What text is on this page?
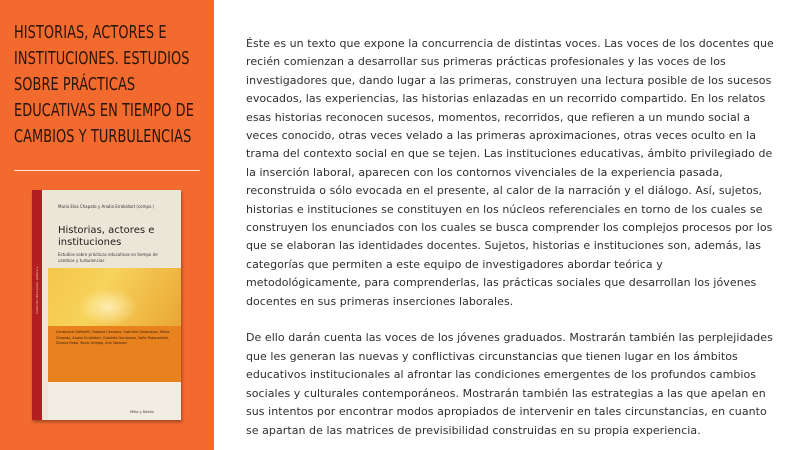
HISTORIAS, ACTORES E INSTITUCIONES. ESTUDIOS SOBRE PRÁCTICAS EDUCATIVAS EN TIEMPO DE CAMBIOS Y TURBULENCIAS
Colección: Educación, política y
María Elsa Chapato y Analía Errobidart (comps.)
Historias, actores e instituciones
Estudios sobre prácticas educativas en tiempo de cambios y turbulencias
Constanza Caffarelli, Fabiana Carrasco, Gabriela Casamayor, María Chapato, Analía Errobidart, Gabriela Gordonelo, Sofía Pasquariello, Silvana Rossi, Rocío Urtiaga, Ana Vázquez
Miño y Dávila

Éste es un texto que expone la concurrencia de distintas voces. Las voces de los docentes que recién comienzan a desarrollar sus primeras prácticas profesionales y las voces de los investigadores que, dando lugar a las primeras, construyen una lectura posible de los sucesos evocados, las experiencias, las historias enlazadas en un recorrido compartido. En los relatos esas historias reconocen sucesos, momentos, recorridos, que refieren a un mundo social a veces conocido, otras veces velado a las primeras aproximaciones, otras veces oculto en la trama del contexto social en que se tejen. Las instituciones educativas, ámbito privilegiado de la inserción laboral, aparecen con los contornos vivenciales de la experiencia pasada, reconstruida o sólo evocada en el presente, al calor de la narración y el diálogo. Así, sujetos, historias e instituciones se constituyen en los núcleos referenciales en torno de los cuales se construyen los enunciados con los cuales se busca comprender los complejos procesos por los que se elaboran las identidades docentes. Sujetos, historias e instituciones son, además, las categorías que permiten a este equipo de investigadores abordar teórica y metodológicamente, para comprenderlas, las prácticas sociales que desarrollan los jóvenes docentes en sus primeras inserciones laborales.

De ello darán cuenta las voces de los jóvenes graduados. Mostrarán también las perplejidades que les generan las nuevas y conflictivas circunstancias que tienen lugar en los ámbitos educativos institucionales al afrontar las condiciones emergentes de los profundos cambios sociales y culturales contemporáneos. Mostrarán también las estrategias a las que apelan en sus intentos por encontrar modos apropiados de intervenir en tales circunstancias, en cuanto se apartan de las matrices de previsibilidad construidas en su propia experiencia.
